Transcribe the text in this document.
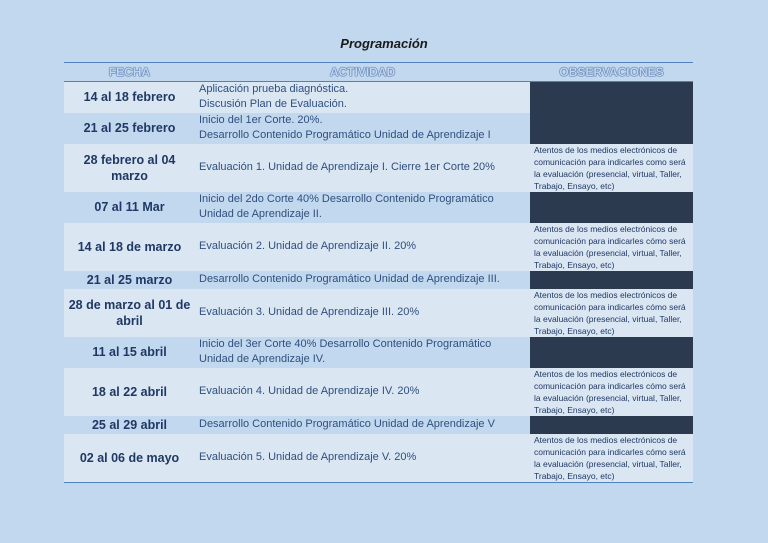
Programación
FECHA	ACTIVIDAD	OBSERVACIONES
14 al 18 febrero	Aplicación prueba diagnóstica.
Discusión Plan de Evaluación.	

21 al 25 febrero	Inicio del 1er Corte. 20%.
Desarrollo Contenido Programático Unidad de Aprendizaje I	

28 febrero al 04 marzo	Evaluación 1. Unidad de Aprendizaje I. Cierre 1er Corte 20%	Atentos de los medios electrónicos de comunicación para indicarles como será la evaluación (presencial, virtual, Taller, Trabajo, Ensayo, etc)
07 al 11 Mar	Inicio del 2do Corte 40% Desarrollo Contenido Programático
Unidad de Aprendizaje II.	

14 al 18 de marzo	Evaluación 2. Unidad de Aprendizaje II. 20%	Atentos de los medios electrónicos de comunicación para indicarles cómo será la evaluación (presencial, virtual, Taller, Trabajo, Ensayo, etc)
21 al 25 marzo	Desarrollo Contenido Programático Unidad de Aprendizaje III.	

28 de marzo al 01 de abril	Evaluación 3. Unidad de Aprendizaje III. 20%	Atentos de los medios electrónicos de comunicación para indicarles cómo será la evaluación (presencial, virtual, Taller, Trabajo, Ensayo, etc)
11 al 15 abril	Inicio del 3er Corte 40% Desarrollo Contenido Programático
Unidad de Aprendizaje IV.	

18 al 22 abril	Evaluación 4. Unidad de Aprendizaje IV. 20%	Atentos de los medios electrónicos de comunicación para indicarles cómo será la evaluación (presencial, virtual, Taller, Trabajo, Ensayo, etc)
25 al 29 abril	Desarrollo Contenido Programático Unidad de Aprendizaje V	

02 al 06 de mayo	Evaluación 5. Unidad de Aprendizaje V. 20%	Atentos de los medios electrónicos de comunicación para indicarles cómo será la evaluación (presencial, virtual, Taller, Trabajo, Ensayo, etc)
